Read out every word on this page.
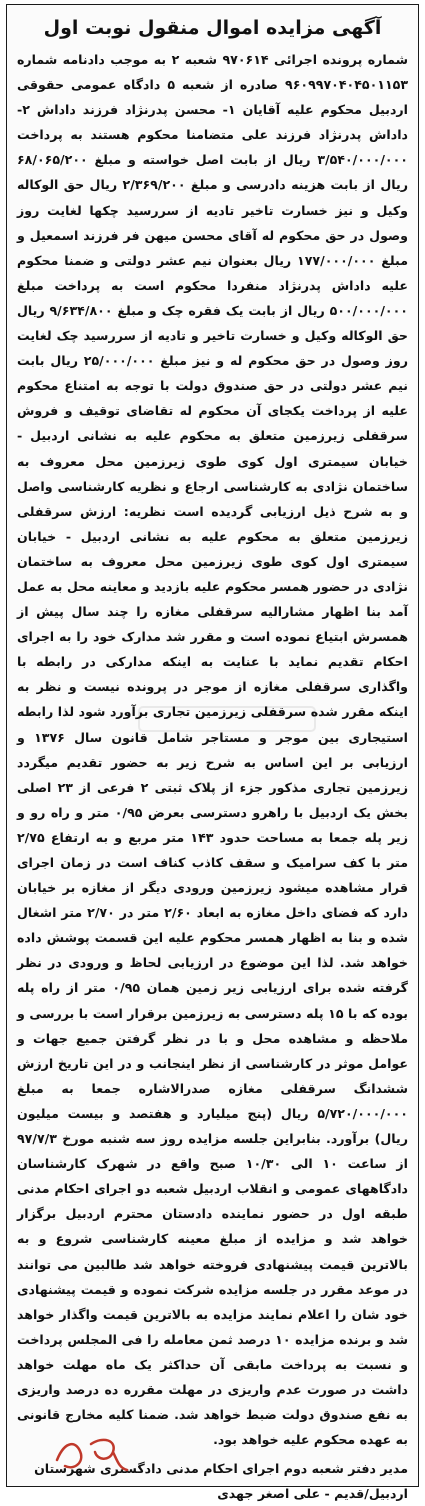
آگهی مزایده اموال منقول نوبت اول

شماره پرونده اجرائی ۹۷۰۶۱۴ شعبه ۲ به موجب دادنامه شماره ۹۶۰۹۹۷۰۴۰۴۵۰۱۱۵۳ صادره از شعبه ۵ دادگاه عمومی حقوقی اردبیل محکوم علیه آقایان ۱- محسن پدرنژاد فرزند داداش ۲- داداش پدرنژاد فرزند علی متضامنا محکوم هستند به پرداخت ۳/۵۴۰/۰۰۰/۰۰۰ ریال از بابت اصل خواسته و مبلغ ۶۸/۰۶۵/۲۰۰ ریال از بابت هزینه دادرسی و مبلغ ۲/۳۶۹/۲۰۰ ریال حق الوکاله وکیل و نیز خسارت تاخیر تادیه از سررسید چکها لغایت روز وصول در حق محکوم له آقای محسن میهن فر فرزند اسمعیل و مبلغ ۱۷۷/۰۰۰/۰۰۰ ریال بعنوان نیم عشر دولتی و ضمنا محکوم علیه داداش پدرنژاد منفردا محکوم است به پرداخت مبلغ ۵۰۰/۰۰۰/۰۰۰ ریال از بابت یک فقره چک و مبلغ ۹/۶۳۴/۸۰۰ ریال حق الوکاله وکیل و خسارت تاخیر و تادیه از سررسید چک لغایت روز وصول در حق محکوم له و نیز مبلغ ۲۵/۰۰۰/۰۰۰ ریال بابت نیم عشر دولتی در حق صندوق دولت با توجه به امتناع محکوم علیه از پرداخت یکجای آن محکوم له تقاضای توقیف و فروش سرقفلی زیرزمین متعلق به محکوم علیه به نشانی اردبیل - خیابان سیمتری اول کوی طوی زیرزمین محل معروف به ساختمان نژادی به کارشناسی ارجاع و نظریه کارشناسی واصل و به شرح ذیل ارزیابی گردیده است نظریه: ارزش سرقفلی زیرزمین متعلق به محکوم علیه به نشانی اردبیل - خیابان سیمتری اول کوی طوی زیرزمین محل معروف به ساختمان نژادی در حضور همسر محکوم علیه بازدید و معاینه محل به عمل آمد بنا اظهار مشارالیه سرقفلی مغازه را چند سال پیش از همسرش ابتیاع نموده است و مقرر شد مدارک خود را به اجرای احکام تقدیم نماید با عنایت به اینکه مدارکی در رابطه با واگذاری سرقفلی مغازه از موجر در پرونده نیست و نظر به اینکه مقرر شده سرقفلی زیرزمین تجاری برآورد شود لذا رابطه استیجاری بین موجر و مستاجر شامل قانون سال ۱۳۷۶ و ارزیابی بر این اساس به شرح زیر به حضور تقدیم میگردد زیرزمین تجاری مذکور جزء از پلاک ثبتی ۲ فرعی از ۲۳ اصلی بخش یک اردبیل با راهرو دسترسی بعرض ۰/۹۵ متر و راه رو و زیر پله جمعا به مساحت حدود ۱۴۳ متر مربع و به ارتفاع ۲/۷۵ متر با کف سرامیک و سقف کاذب کناف است در زمان اجرای قرار مشاهده میشود زیرزمین ورودی دیگر از مغازه بر خیابان دارد که فضای داخل مغازه به ابعاد ۲/۶۰ متر در ۲/۷۰ متر اشغال شده و بنا به اظهار همسر محکوم علیه این قسمت پوشش داده خواهد شد. لذا این موضوع در ارزیابی لحاظ و ورودی در نظر گرفته شده برای ارزیابی زیر زمین همان ۰/۹۵ متر از راه پله بوده که با ۱۵ پله دسترسی به زیرزمین برقرار است با بررسی و ملاحظه و مشاهده محل و با در نظر گرفتن جمیع جهات و عوامل موثر در کارشناسی از نظر اینجانب و در این تاریخ ارزش ششدانگ سرقفلی مغازه صدرالاشاره جمعا به مبلغ ۵/۷۲۰/۰۰۰/۰۰۰ ریال (پنج میلیارد و هفتصد و بیست میلیون ریال) برآورد. بنابراین جلسه مزایده روز سه شنبه مورخ ۹۷/۷/۳ از ساعت ۱۰ الی ۱۰/۳۰ صبح واقع در شهرک کارشناسان دادگاههای عمومی و انقلاب اردبیل شعبه دو اجرای احکام مدنی طبقه اول در حضور نماینده دادستان محترم اردبیل برگزار خواهد شد و مزایده از مبلغ معینه کارشناسی شروع و به بالاترین قیمت پیشنهادی فروخته خواهد شد طالبین می توانند در موعد مقرر در جلسه مزایده شرکت نموده و قیمت پیشنهادی خود شان را اعلام نمایند مزایده به بالاترین قیمت واگذار خواهد شد و برنده مزایده ۱۰ درصد ثمن معامله را فی المجلس پرداخت و نسبت به پرداخت مابقی آن حداکثر یک ماه مهلت خواهد داشت در صورت عدم واریزی در مهلت مقرره ده درصد واریزی به نفع صندوق دولت ضبط خواهد شد. ضمنا کلیه مخارج قانونی به عهده محکوم علیه خواهد بود.

مدیر دفتر شعبه دوم اجرای احکام مدنی دادگستری شهرستان
اردبیل/قدیم - علی اصغر جهدی
